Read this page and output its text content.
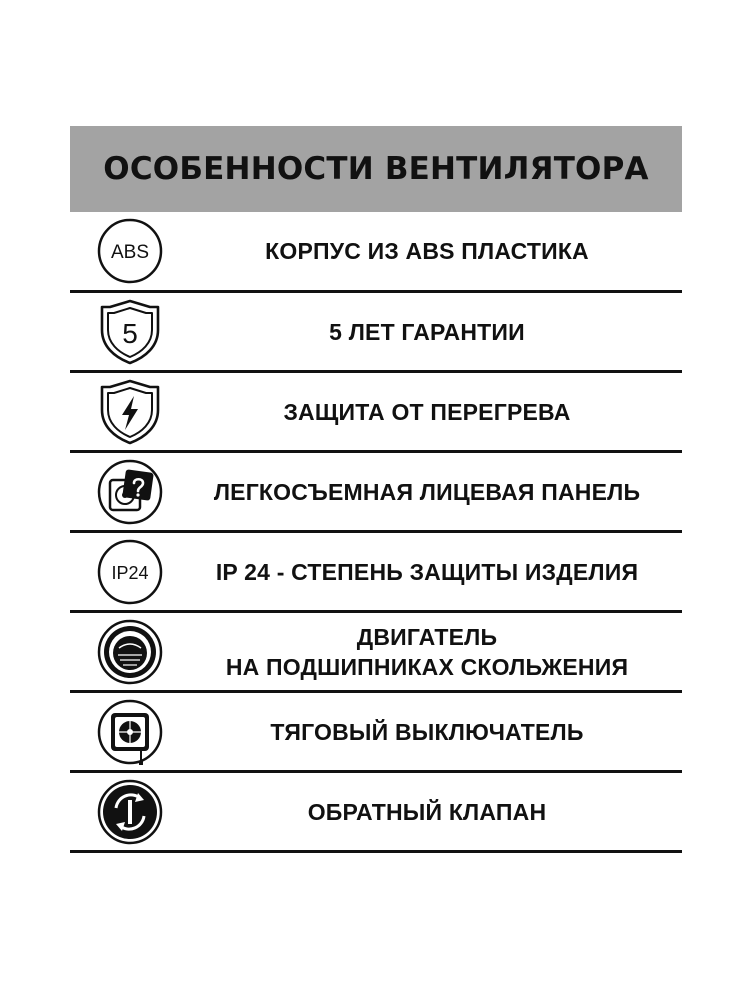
ОСОБЕННОСТИ ВЕНТИЛЯТОРА
ABS	КОРПУС ИЗ ABS ПЛАСТИКА
5	5 ЛЕТ ГАРАНТИИ
ЗАЩИТА ОТ ПЕРЕГРЕВА
ЛЕГКОСЪЕМНАЯ ЛИЦЕВАЯ ПАНЕЛЬ
IP24	IP 24 - СТЕПЕНЬ ЗАЩИТЫ ИЗДЕЛИЯ
ДВИГАТЕЛЬ
НА ПОДШИПНИКАХ СКОЛЬЖЕНИЯ
ТЯГОВЫЙ ВЫКЛЮЧАТЕЛЬ
ОБРАТНЫЙ КЛАПАН
